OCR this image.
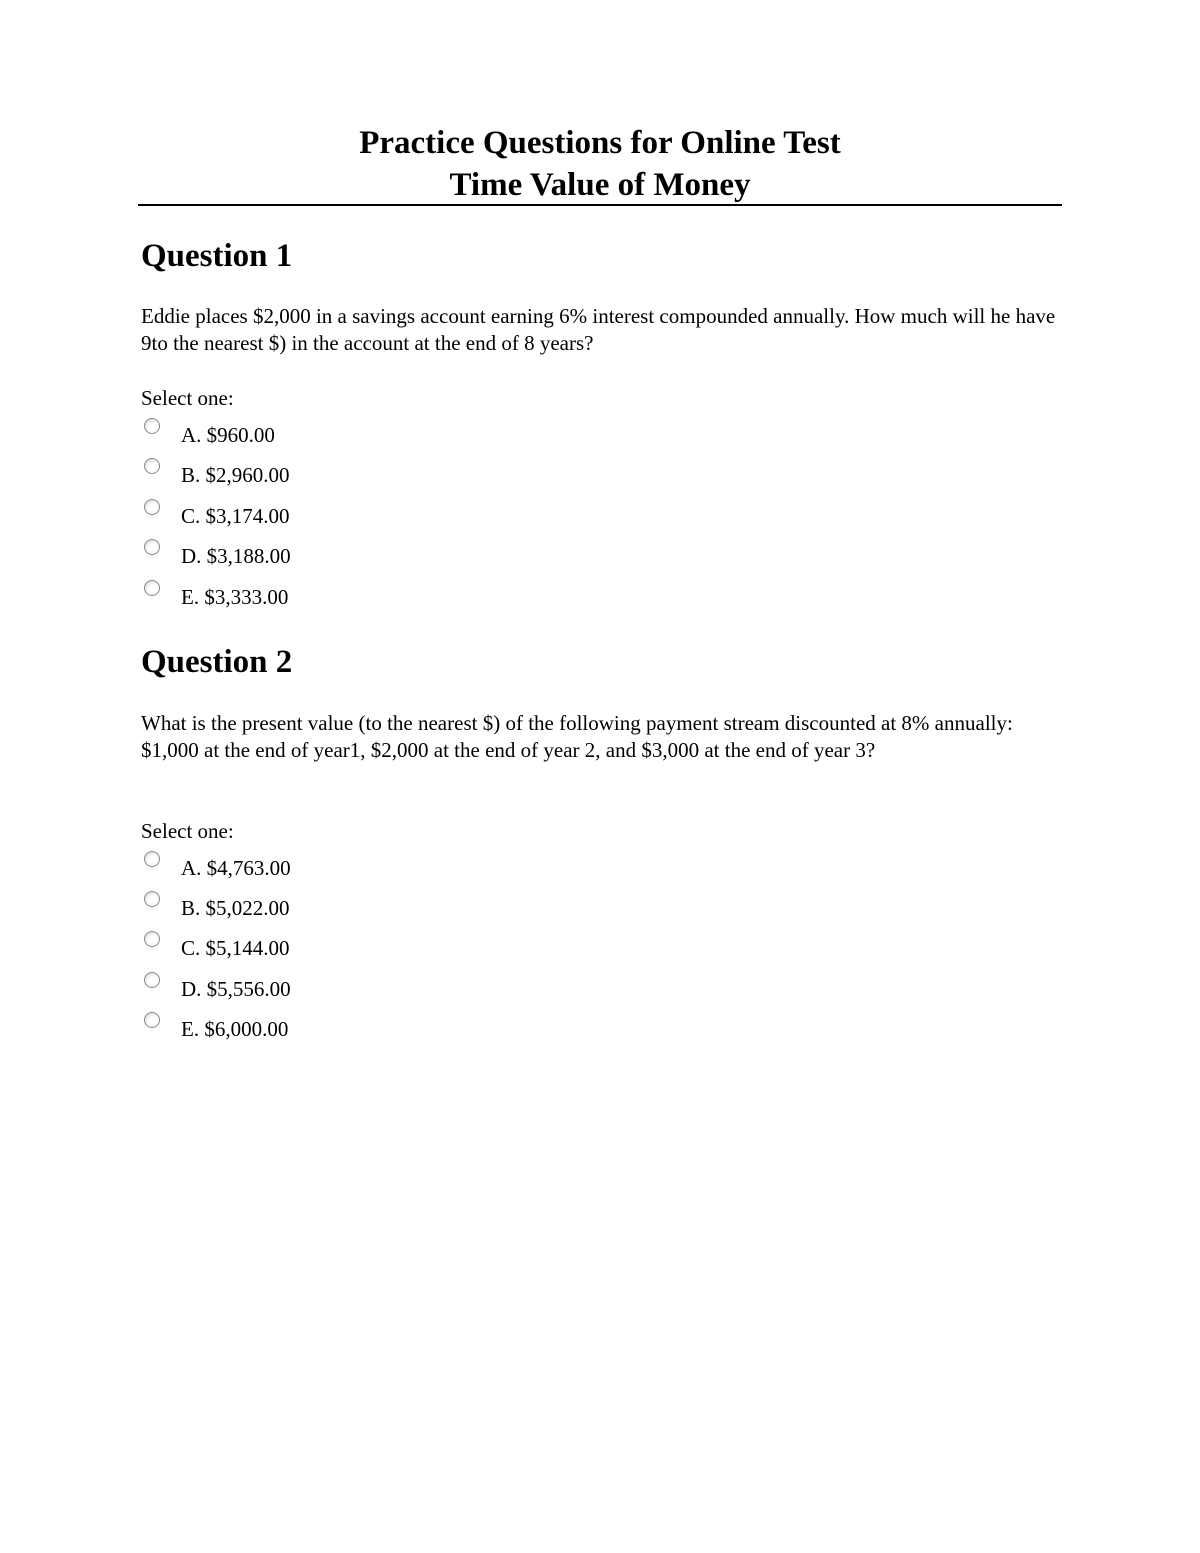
Practice Questions for Online Test
Time Value of Money
Question 1

Eddie places $2,000 in a savings account earning 6% interest compounded annually. How much will he have 9to the nearest $) in the account at the end of 8 years?

Select one:
A. $960.00
B. $2,960.00
C. $3,174.00
D. $3,188.00
E. $3,333.00
Question 2

What is the present value (to the nearest $) of the following payment stream discounted at 8% annually:

$1,000 at the end of year1, $2,000 at the end of year 2, and $3,000 at the end of year 3?

Select one:
A. $4,763.00
B. $5,022.00
C. $5,144.00
D. $5,556.00
E. $6,000.00
